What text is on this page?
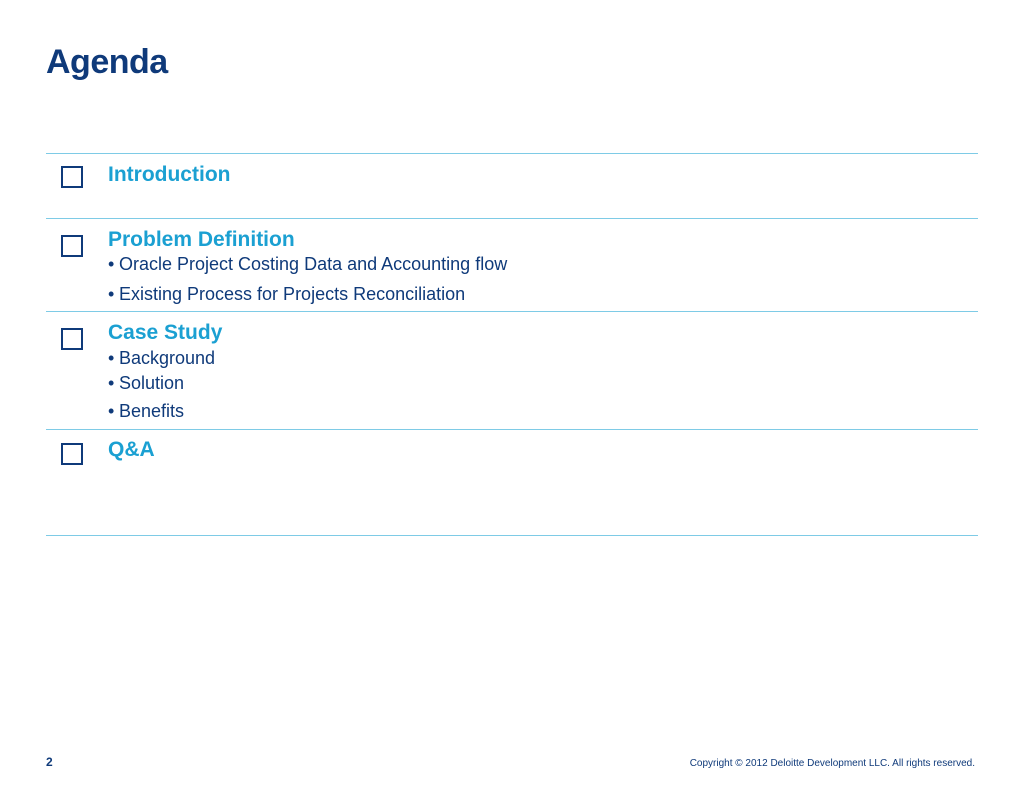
Agenda
Introduction
Problem Definition
• Oracle Project Costing Data and Accounting flow
• Existing Process for Projects Reconciliation
Case Study
• Background
• Solution
• Benefits
Q&A
2	Copyright © 2012 Deloitte Development LLC. All rights reserved.
